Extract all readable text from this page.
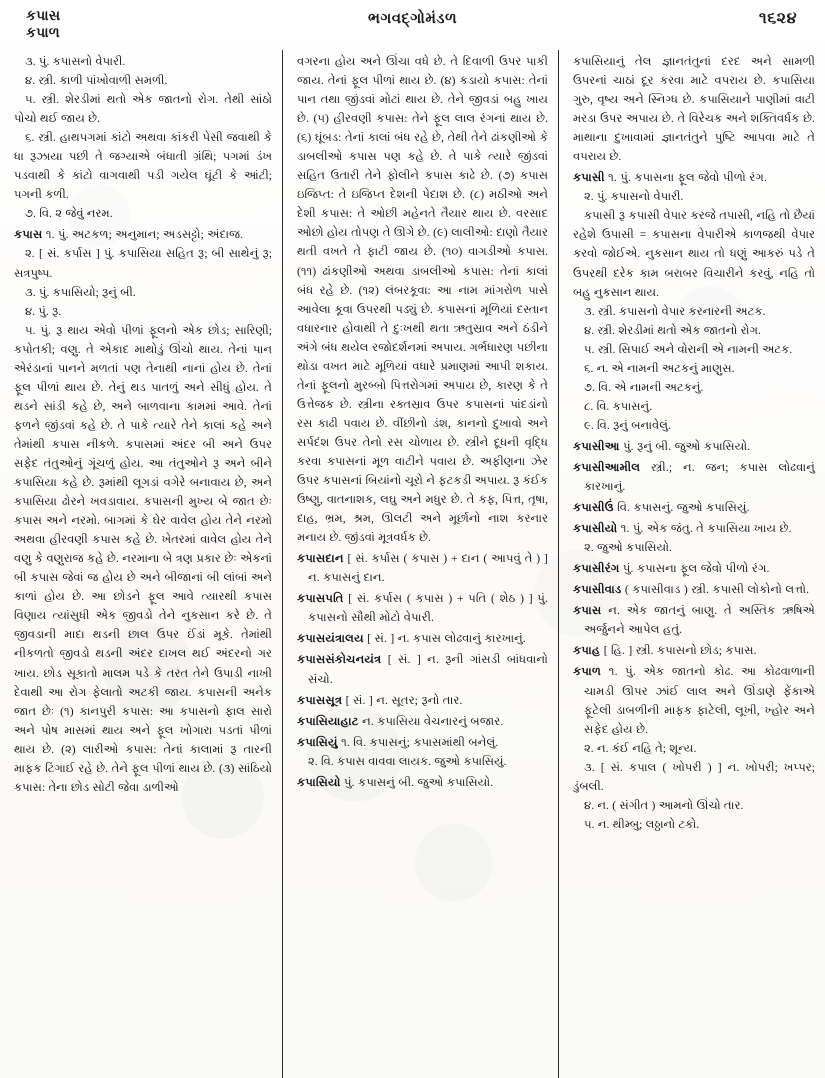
કપાસ
કપાળ
ભગવદ્ગોમંડળ	૧૬૨૪

૩. પું. કપાસનો વેપારી.

૪. સ્ત્રી. કાળી પાંખોવાળી સમળી.

૫. સ્ત્રી. શેરડીમાં થતો એક જાતનો રોગ. તેથી સાંઠો પોચો થઈ જાય છે.

૬. સ્ત્રી. હાથપગમાં કાંટો અથવા કાંકરી પેસી જવાથી કે ધા રૂઝાયા પછી તે જગ્યાએ બંધાતી ગ્રંથિ; પગમાં ડંખ પડવાથી કે કાંટો વાગવાથી પડી ગયેલ ઘૂંટી કે આંટી; પગની કળી.

૭. વિ. ૨ જેવું નરમ.

કપાસ ૧. પું. અટકળ; અનુમાન; અડસટ્ટો; અંદાજ.

૨. [ સં. કર્પાસ ] પું. કપાસિયા સહિત રૂ; બી સાથેનું રૂ; સત્રપુષ્પ.

૩. પું. કપાસિયો; રૂનું બી.

૪. પું. રૂ.

૫. પું. રૂ થાય એવો પીળાં ફૂલનો એક છોડ; સારિણી; કપોતકી; વણુ. તે એકાદ માથોડું ઊંચો થાય. તેનાં પાન એરંડાનાં પાનને મળતાં પણ તેનાથી નાનાં હોય છે. તેનાં ફૂલ પીળાં થાય છે. તેનું થડ પાતળું અને સીધું હોય. તે થડને સાંડી કહે છે, અને બાળવાના કામમાં આવે. તેનાં ફળને જીંડવાં કહે છે. તે પાકે ત્યારે તેને કાલાં કહે અને તેમાંથી કપાસ નીકળે. કપાસમાં અંદર બી અને ઉપર સફેદ તંતુઓનું ગૂંચળું હોય. આ તંતુઓને રૂ અને બીને કપાસિયા કહે છે. રૂમાંથી લૂગડાં વગેરે બનાવાય છે, અને કપાસિયા ઢોરને ખવડાવાય. કપાસની મુખ્ય બે જાત છેઃ કપાસ અને નરમો. બાગમાં કે ઘેર વાવેલ હોય તેને નરમો અથવા હીરવણી કપાસ કહે છે. ખેતરમાં વાવેલ હોય તેને વણુ કે વણુરાજ કહે છે. નરમાના બે ત્રણ પ્રકાર છેઃ એકનાં બી કપાસ જેવાં જ હોય છે અને બીજાનાં બી લાંબાં અને કાળાં હોય છે. આ છોડને ફૂલ આવે ત્યારથી કપાસ વિણાય ત્યાંસુધી એક જીવડો તેને નુકસાન કરે છે. તે જીવડાની માદા થડની છાલ ઉપર ઈંડાં મૂકે. તેમાંથી નીકળતો જીવડો થડની અંદર દાખલ થઈ અંદરનો ગર ખાય. છોડ સૂકાતો માલમ પડે કે તરત તેને ઉપાડી નાખી દેવાથી આ રોગ ફેલાતો અટકી જાય. કપાસની અનેક જાત છેઃ (૧) કાનપુરી કપાસ: આ કપાસનો ફાલ સારો અને પોષ માસમાં થાય અને ફૂલ ખોગારા પડતાં પીળાં થાય છે. (૨) લારીઓ કપાસ: તેનાં કાલામાં રૂ તારની માફક ટિંગાઈ રહે છે. તેને ફૂલ પીળાં થાય છે. (૩) સાંઠિયો કપાસ: તેના છોડ સોટી જેવા ડાળીઓ

વગરના હોય અને ઊંચા વધે છે. તે દિવાળી ઉપર પાકી જાય. તેનાં ફૂલ પીળાં થાય છે. (૪) કડાયો કપાસ: તેનાં પાન તથા જીંડવાં મોટાં થાય છે. તેને જીવડાં બહુ ખાય છે. (૫) હીરવણી કપાસ: તેને ફૂલ લાલ રંગનાં થાય છે. (૬) ઘૂંબડ: તેનાં કાલાં બંધ રહે છે, તેથી તેને ઢાંકણીઓ કે ડાબલીઓ કપાસ પણ કહે છે. તે પાકે ત્યારે જીંડવાં સહિત ઉતારી તેને ફોલીને કપાસ કાઢે છે. (૭) કપાસ ઇજિપ્ત: તે ઇજિપ્ત દેશની પેદાશ છે. (૮) મઠીઓ અને દેશી કપાસ: તે ઓછી મહેનતે તૈયાર થાય છે. વરસાદ ઓછો હોય તોપણ તે ઊગે છે. (૯) લાલીઓ: દાણો તૈયાર થતી વખતે તે ફાટી જાય છે. (૧૦) વાગડીઓ કપાસ. (૧૧) ઢાંકણીઓ અથવા ડાબલીઓ કપાસ: તેનાં કાલાં બંધ રહે છે. (૧૨) લંબરકૂવા: આ નામ માંગરોળ પાસે આવેલા કૂવા ઉપરથી પડ્યું છે. કપાસનાં મૂળિયાં દસ્તાન વધારનાર હોવાથી તે દુઃખથી થતા ઋતુસ્રાવ અને ઠંડીને અંગે બંધ થયેલ રજોદર્શનમાં અપાય. ગર્ભધારણ પછીના થોડા વખત માટે મૂળિયાં વધારે પ્રમાણમાં આપી શકાય. તેનાં ફૂલનો મુરબ્બો પિત્તરોગમાં અપાય છે, કારણ કે તે ઉત્તેજક છે. સ્ત્રીના રક્તસ્રાવ ઉપર કપાસનાં પાંદડાંનો રસ કાઢી પવાય છે. વીંછીનો ડંશ, કાનનો દુખાવો અને સર્પદંશ ઉપર તેનો રસ ચોળાય છે. સ્ત્રીને દૂધની વૃદ્ધિ કરવા કપાસનાં મૂળ વાટીને પવાય છે. અફીણના ઝેર ઉપર કપાસનાં બિયાંનો ચૂરો ને ફટકડી અપાય. રૂ કંઈક ઉષ્ણુ, વાતનાશક, લઘુ અને મધુર છે. તે કફ, પિત્ત, તૃષા, દાહ, ભ્રમ, શ્રમ, ઊલટી અને મૂર્છાનો નાશ કરનાર મનાય છે. જીંડવાં મૂત્રવર્ધક છે.

કપાસદાન [ સં. કર્પાસ ( કપાસ ) + દાન ( આપવું તે ) ] ન. કપાસનું દાન.

કપાસપતિ [ સં. કર્પાસ ( કપાસ ) + પતિ ( શેઠ ) ] પું. કપાસનો સૌથી મોટો વેપારી.

કપાસયંત્રાલય [ સં. ] ન. કપાસ લોઢવાનું કારખાનું.

કપાસસંકોચનયંત્ર [ સં. ] ન. રૂની ગાંસડી બાંધવાનો સંચો.

કપાસસૂત્ર [ સં. ] ન. સૂતર; રૂનો તાર.

કપાસિયાહાટ ન. કપાસિયા વેચનારનું બજાર.

કપાસિયું ૧. વિ. કપાસનું; કપાસમાંથી બનેલું.

૨. વિ. કપાસ વાવવા લાયક. જુઓ કપાસિયું.

કપાસિયો પું. કપાસનું બી. જુઓ કપાસિયો.

કપાસિયાનું તેલ જ્ઞાનતંતુનાં દરદ અને સામળી ઉપરનાં ચાઠાં દૂર કરવા માટે વપરાય છે. કપાસિયા ગુરુ, વૃષ્ય અને સ્નિગ્ધ છે. કપાસિયાને પાણીમાં વાટી મરડા ઉપર અપાય છે. તે વિરેચક અને શક્તિવર્ધક છે. માથાના દુખાવામાં જ્ઞાનતંતુને પુષ્ટિ આપવા માટે તે વપરાય છે.

કપાસી ૧. પું. કપાસના ફૂલ જેવો પીળો રંગ.

૨. પું. કપાસનો વેપારી.

કપાસી રૂ કપાસી વેપાર કરજે તપાસી, નહિ તો છૈયાં રહેશે ઉપાસી = કપાસના વેપારીએ કાળજથી વેપાર કરવો જોઈએ. નુકસાન થાય તો ધણું આકરું પડે તે ઉપરથી દરેક કામ બરાબર વિચારીને કરવું, નહિ તો બહુ નુકસાન થાય.

૩. સ્ત્રી. કપાસનો વેપાર કરનારની અટક.

૪. સ્ત્રી. શેરડીમાં થતો એક જાતનો રોગ.

૫. સ્ત્રી. સિપાઈ અને વોરાની એ નામની અટક.

૬. ન. એ નામની અટકનું માણુસ.

૭. વિ. એ નામની અટકનું.

૮. વિ. કપાસનું.

૯. વિ. રૂનું બનાવેલું.

કપાસીઆ પું. રૂનું બી. જુઓ કપાસિયો.

કપાસીઆમીલ સ્ત્રી.; ન. જન; કપાસ લોઢવાનું કારખાનું.

કપાસીઉં વિ. કપાસનું. જુઓ કપાસિયું.

કપાસીયો ૧. પું. એક જંતુ. તે કપાસિયા ખાય છે.

૨. જુઓ કપાસિયો.

કપાસીરંગ પું. કપાસના ફૂલ જેવો પીળો રંગ.

કપાસીવાડ ( કપાસીવાડ ) સ્ત્રી. કપાસી લોકોનો લત્તો.

કપાસ ન. એક જાતનું બાણુ. તે અસ્તિક ઋષિએ અર્જુનને આપેલ હતું.

કપાહ [ હિ. ] સ્ત્રી. કપાસનો છોડ; કપાસ.

કપાળ ૧. પું. એક જાતનો કોઢ. આ કોઢવાળાની ચામડી ઊપર ઝાંઈ લાલ અને ઊંડાણે ફેંકાએ ફૂટેલી ડાબળીની માફક ફાટેલી, લૂખી, ખ્હોર અને સફેદ હોય છે.

૨. ન. કંઈ નહિ તે; શૂન્ય.

૩. [ સં. કપાલ ( ખોપરી ) ] ન. ખોપરી; ખપ્પર; ડુંબલી.

૪. ન. ( સંગીત ) આમનો ઊંચો તાર.

૫. ન. થીમ્બુ; લઠ્ઠાનો ટકો.
